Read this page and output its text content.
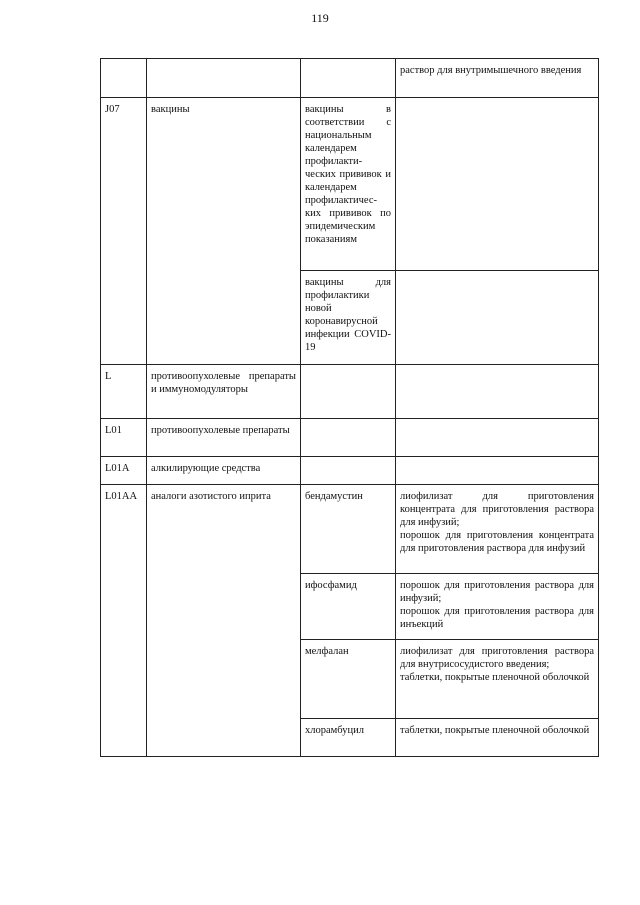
119

			раствор для внутримышечного введения

J07	вакцины	вакцины в соответствии с национальным календарем профилакти-ческих прививок и календарем профилактичес-ких прививок по эпидемическим показаниям	
		вакцины для профилактики новой коронавирусной инфекции COVID-19	
L	противоопухолевые препараты и иммуномодуляторы		
L01	противоопухолевые препараты		
L01A	алкилирующие средства		
L01AA	аналоги азотистого иприта	бендамустин	лиофилизат для приготовления концентрата для приготовления раствора для инфузий;
порошок для приготовления концентрата для приготовления раствора для инфузий

		ифосфамид	порошок для приготовления раствора для инфузий;
порошок для приготовления раствора для инъекций

		мелфалан	лиофилизат для приготовления раствора для внутрисосудистого введения;
таблетки, покрытые пленочной оболочкой

		хлорамбуцил	таблетки, покрытые пленочной оболочкой
